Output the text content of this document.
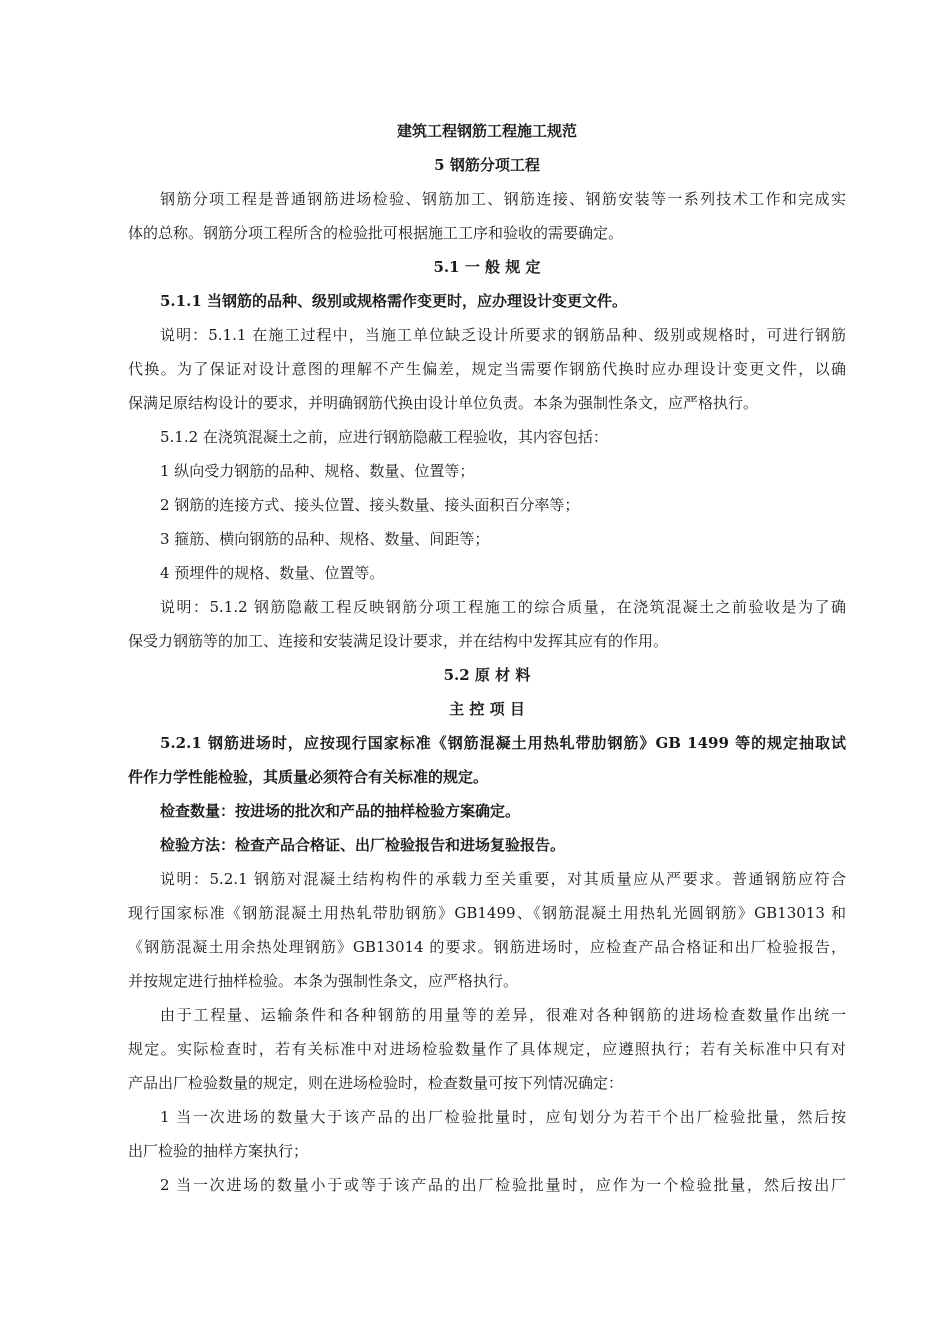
建筑工程钢筋工程施工规范

5 钢筋分项工程

钢筋分项工程是普通钢筋进场检验、钢筋加工、钢筋连接、钢筋安装等一系列技术工作和完成实

体的总称。钢筋分项工程所含的检验批可根据施工工序和验收的需要确定。

5.1 一 般 规 定

5.1.1 当钢筋的品种、级别或规格需作变更时，应办理设计变更文件。

说明：5.1.1 在施工过程中，当施工单位缺乏设计所要求的钢筋品种、级别或规格时，可进行钢筋

代换。为了保证对设计意图的理解不产生偏差，规定当需要作钢筋代换时应办理设计变更文件，以确

保满足原结构设计的要求，并明确钢筋代换由设计单位负责。本条为强制性条文，应严格执行。

5.1.2 在浇筑混凝土之前，应进行钢筋隐蔽工程验收，其内容包括：

1 纵向受力钢筋的品种、规格、数量、位置等；

2 钢筋的连接方式、接头位置、接头数量、接头面积百分率等；

3 箍筋、横向钢筋的品种、规格、数量、间距等；

4 预埋件的规格、数量、位置等。

说明：5.1.2 钢筋隐蔽工程反映钢筋分项工程施工的综合质量，在浇筑混凝土之前验收是为了确

保受力钢筋等的加工、连接和安装满足设计要求，并在结构中发挥其应有的作用。

5.2 原 材 料

主 控 项 目

5.2.1 钢筋进场时，应按现行国家标准《钢筋混凝土用热轧带肋钢筋》GB 1499 等的规定抽取试

件作力学性能检验，其质量必须符合有关标准的规定。

检查数量：按进场的批次和产品的抽样检验方案确定。

检验方法：检查产品合格证、出厂检验报告和进场复验报告。

说明：5.2.1 钢筋对混凝土结构构件的承载力至关重要，对其质量应从严要求。普通钢筋应符合

现行国家标准《钢筋混凝土用热轧带肋钢筋》GB1499、《钢筋混凝土用热轧光圆钢筋》GB13013 和

《钢筋混凝土用余热处理钢筋》GB13014 的要求。钢筋进场时，应检查产品合格证和出厂检验报告，

并按规定进行抽样检验。本条为强制性条文，应严格执行。

由于工程量、运输条件和各种钢筋的用量等的差异，很难对各种钢筋的进场检查数量作出统一

规定。实际检查时，若有关标准中对进场检验数量作了具体规定，应遵照执行；若有关标准中只有对

产品出厂检验数量的规定，则在进场检验时，检查数量可按下列情况确定：

1 当一次进场的数量大于该产品的出厂检验批量时，应旬划分为若干个出厂检验批量，然后按

出厂检验的抽样方案执行；

2 当一次进场的数量小于或等于该产品的出厂检验批量时，应作为一个检验批量，然后按出厂
